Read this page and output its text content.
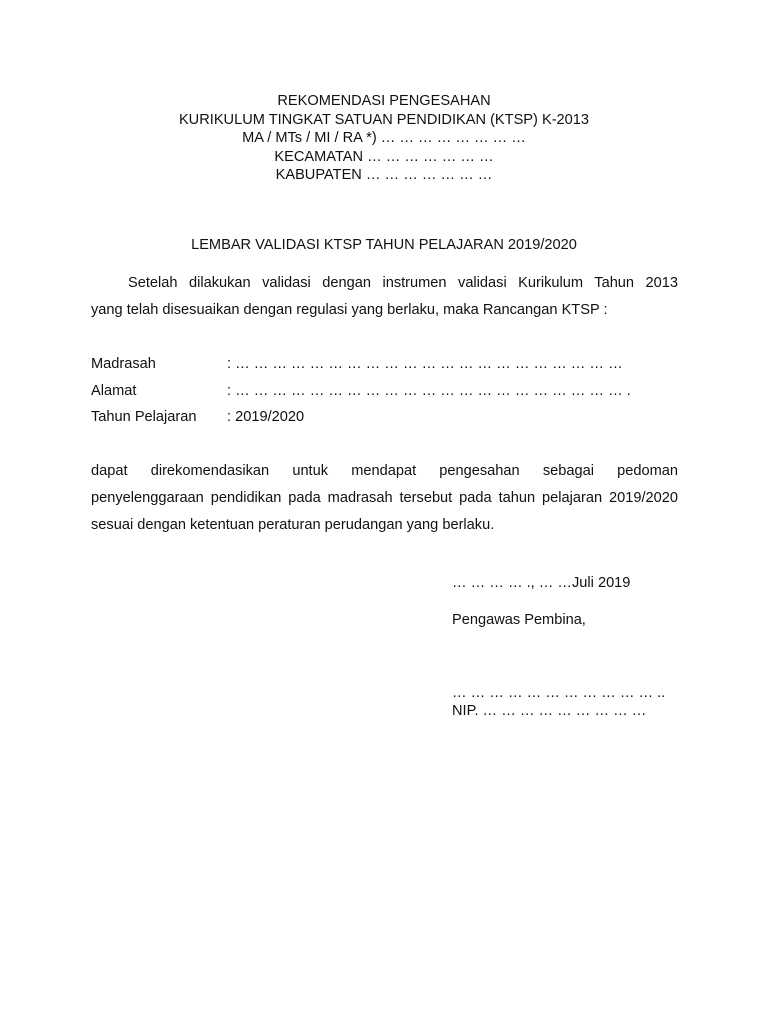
REKOMENDASI PENGESAHAN
KURIKULUM TINGKAT SATUAN PENDIDIKAN (KTSP) K-2013
MA / MTs / MI / RA *) … … … … … … … …
KECAMATAN … … … … … … …
KABUPATEN … … … … … … …
LEMBAR VALIDASI KTSP TAHUN PELAJARAN 2019/2020
Setelah dilakukan validasi dengan instrumen validasi Kurikulum Tahun 2013
yang telah disesuaikan dengan regulasi yang berlaku, maka Rancangan KTSP :
Madrasah	: … … … … … … … … … … … … … … … … … … … … …
Alamat	: … … … … … … … … … … … … … … … … … … … … … .
Tahun Pelajaran	: 2019/2020
dapat direkomendasikan untuk mendapat pengesahan sebagai pedoman
penyelenggaraan pendidikan pada madrasah tersebut pada tahun pelajaran 2019/2020
sesuai dengan ketentuan peraturan perudangan yang berlaku.
… … … … ., … …Juli 2019
Pengawas Pembina,
… … … … … … … … … … … ..
NIP. … … … … … … … … …
